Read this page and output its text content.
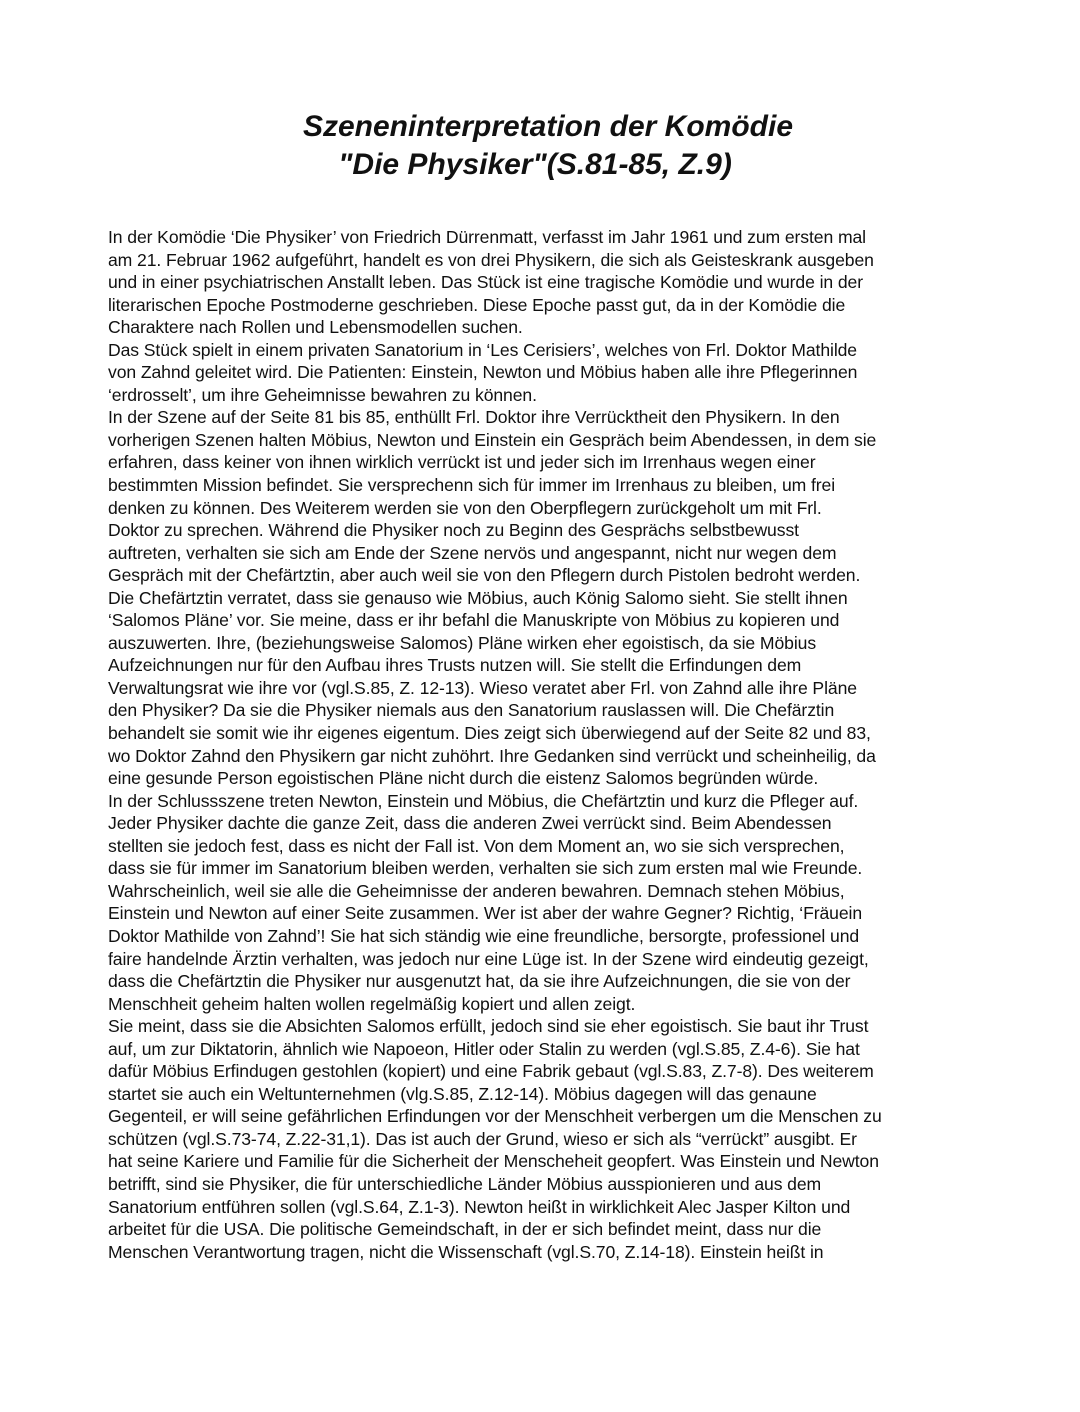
Szeneninterpretation der Komödie
"Die Physiker"(S.81-85, Z.9)
In der Komödie ‘Die Physiker’ von Friedrich Dürrenmatt, verfasst im Jahr 1961 und zum ersten mal
am 21. Februar 1962 aufgeführt, handelt es von drei Physikern, die sich als Geisteskrank ausgeben
und in einer psychiatrischen Anstallt leben. Das Stück ist eine tragische Komödie und wurde in der
literarischen Epoche Postmoderne geschrieben. Diese Epoche passt gut, da in der Komödie die
Charaktere nach Rollen und Lebensmodellen suchen.
Das Stück spielt in einem privaten Sanatorium in ‘Les Cerisiers’, welches von Frl. Doktor Mathilde
von Zahnd geleitet wird. Die Patienten: Einstein, Newton und Möbius haben alle ihre Pflegerinnen
‘erdrosselt’, um ihre Geheimnisse bewahren zu können.
In der Szene auf der Seite 81 bis 85, enthüllt Frl. Doktor ihre Verrücktheit den Physikern. In den
vorherigen Szenen halten Möbius, Newton und Einstein ein Gespräch beim Abendessen, in dem sie
erfahren, dass keiner von ihnen wirklich verrückt ist und jeder sich im Irrenhaus wegen einer
bestimmten Mission befindet. Sie versprechenn sich für immer im Irrenhaus zu bleiben, um frei
denken zu können. Des Weiterem werden sie von den Oberpflegern zurückgeholt um mit Frl.
Doktor zu sprechen. Während die Physiker noch zu Beginn des Gesprächs selbstbewusst
auftreten, verhalten sie sich am Ende der Szene nervös und angespannt, nicht nur wegen dem
Gespräch mit der Chefärtztin, aber auch weil sie von den Pflegern durch Pistolen bedroht werden.
Die Chefärtztin verratet, dass sie genauso wie Möbius, auch König Salomo sieht. Sie stellt ihnen
‘Salomos Pläne’ vor. Sie meine, dass er ihr befahl die Manuskripte von Möbius zu kopieren und
auszuwerten. Ihre, (beziehungsweise Salomos) Pläne wirken eher egoistisch, da sie Möbius
Aufzeichnungen nur für den Aufbau ihres Trusts nutzen will. Sie stellt die Erfindungen dem
Verwaltungsrat wie ihre vor (vgl.S.85, Z. 12-13). Wieso veratet aber Frl. von Zahnd alle ihre Pläne
den Physiker? Da sie die Physiker niemals aus den Sanatorium rauslassen will. Die Chefärztin
behandelt sie somit wie ihr eigenes eigentum. Dies zeigt sich überwiegend auf der Seite 82 und 83,
wo Doktor Zahnd den Physikern gar nicht zuhöhrt. Ihre Gedanken sind verrückt und scheinheilig, da
eine gesunde Person egoistischen Pläne nicht durch die eistenz Salomos begründen würde.
In der Schlussszene treten Newton, Einstein und Möbius, die Chefärtztin und kurz die Pfleger auf.
Jeder Physiker dachte die ganze Zeit, dass die anderen Zwei verrückt sind. Beim Abendessen
stellten sie jedoch fest, dass es nicht der Fall ist. Von dem Moment an, wo sie sich versprechen,
dass sie für immer im Sanatorium bleiben werden, verhalten sie sich zum ersten mal wie Freunde.
Wahrscheinlich, weil sie alle die Geheimnisse der anderen bewahren. Demnach stehen Möbius,
Einstein und Newton auf einer Seite zusammen. Wer ist aber der wahre Gegner? Richtig, ‘Fräuein
Doktor Mathilde von Zahnd’! Sie hat sich ständig wie eine freundliche, bersorgte, professionel und
faire handelnde Ärztin verhalten, was jedoch nur eine Lüge ist. In der Szene wird eindeutig gezeigt,
dass die Chefärtztin die Physiker nur ausgenutzt hat, da sie ihre Aufzeichnungen, die sie von der
Menschheit geheim halten wollen regelmäßig kopiert und allen zeigt.
Sie meint, dass sie die Absichten Salomos erfüllt, jedoch sind sie eher egoistisch. Sie baut ihr Trust
auf, um zur Diktatorin, ähnlich wie Napoeon, Hitler oder Stalin zu werden (vgl.S.85, Z.4-6). Sie hat
dafür Möbius Erfindugen gestohlen (kopiert) und eine Fabrik gebaut (vgl.S.83, Z.7-8). Des weiterem
startet sie auch ein Weltunternehmen (vlg.S.85, Z.12-14). Möbius dagegen will das genaune
Gegenteil, er will seine gefährlichen Erfindungen vor der Menschheit verbergen um die Menschen zu
schützen (vgl.S.73-74, Z.22-31,1). Das ist auch der Grund, wieso er sich als “verrückt” ausgibt. Er
hat seine Kariere und Familie für die Sicherheit der Menscheheit geopfert. Was Einstein und Newton
betrifft, sind sie Physiker, die für unterschiedliche Länder Möbius ausspionieren und aus dem
Sanatorium entführen sollen (vgl.S.64, Z.1-3). Newton heißt in wirklichkeit Alec Jasper Kilton und
arbeitet für die USA. Die politische Gemeindschaft, in der er sich befindet meint, dass nur die
Menschen Verantwortung tragen, nicht die Wissenschaft (vgl.S.70, Z.14-18). Einstein heißt in
